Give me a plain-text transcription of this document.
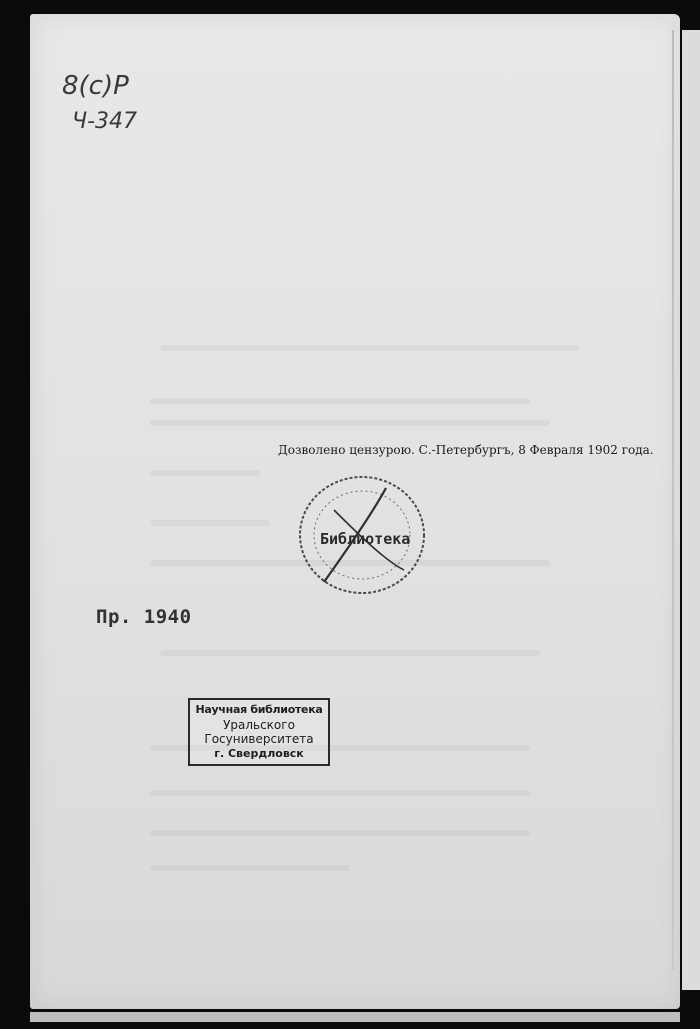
8(с)Р
Ч-347
Дозволено цензурою. С.-Петербургъ, 8 Февраля 1902 года.
Библиотека
Пр. 1940
Научная библиотека
Уральского
Госуниверситета
г. Свердловск
